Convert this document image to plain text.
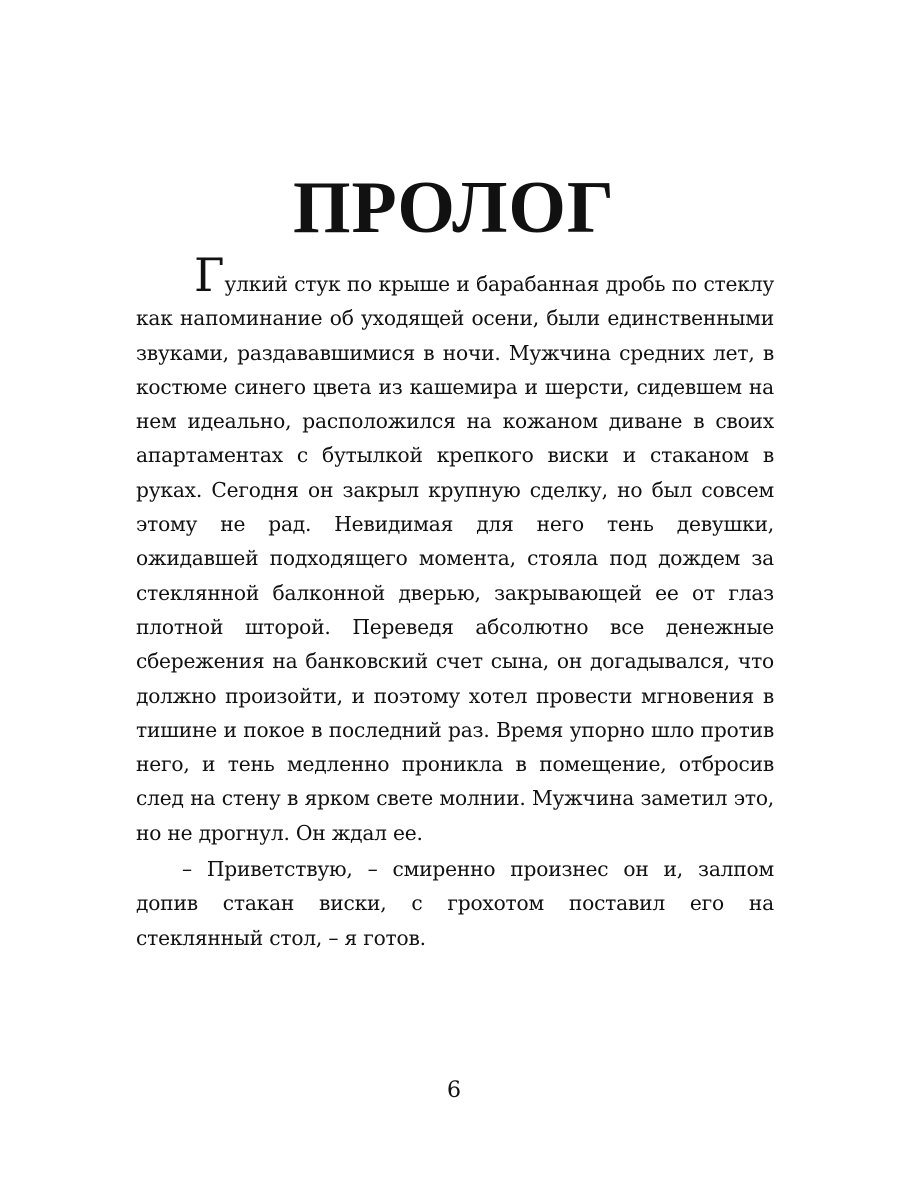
ПРОЛОГ

Гулкий стук по крыше и барабанная дробь по стеклу как напоминание об уходящей осени, были единственными звуками, раздававшимися в ночи. Мужчина средних лет, в костюме синего цвета из кашемира и шерсти, сидевшем на нем идеально, расположился на кожаном диване в своих апартаментах с бутылкой крепкого виски и стаканом в руках. Сегодня он закрыл крупную сделку, но был совсем этому не рад. Невидимая для него тень девушки, ожидавшей подходящего момента, стояла под дождем за стеклянной балконной дверью, закрывающей ее от глаз плотной шторой. Переведя абсолютно все денежные сбережения на банковский счет сына, он догадывался, что должно произойти, и поэтому хотел провести мгновения в тишине и покое в последний раз. Время упорно шло против него, и тень медленно проникла в помещение, отбросив след на стену в ярком свете молнии. Мужчина заметил это, но не дрогнул. Он ждал ее.

– Приветствую, – смиренно произнес он и, залпом допив стакан виски, с грохотом поставил его на стеклянный стол, – я готов.

6
